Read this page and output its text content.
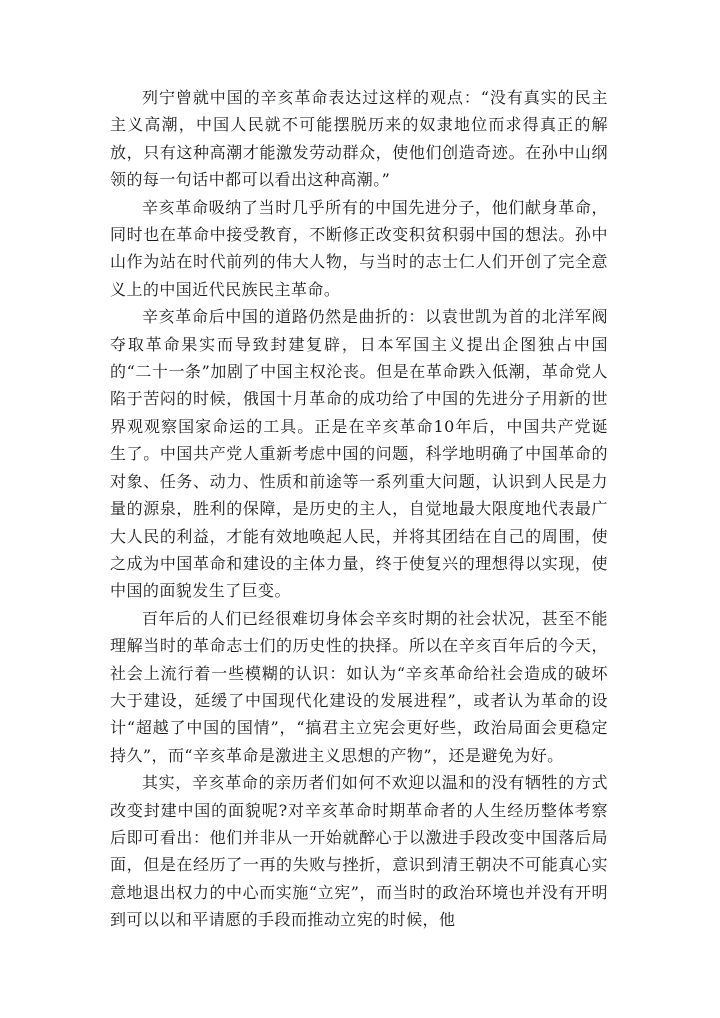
列宁曾就中国的辛亥革命表达过这样的观点：“没有真实的民主主义高潮，中国人民就不可能摆脱历来的奴隶地位而求得真正的解放，只有这种高潮才能激发劳动群众，使他们创造奇迹。在孙中山纲领的每一句话中都可以看出这种高潮。”

辛亥革命吸纳了当时几乎所有的中国先进分子，他们献身革命，同时也在革命中接受教育，不断修正改变积贫积弱中国的想法。孙中山作为站在时代前列的伟大人物，与当时的志士仁人们开创了完全意义上的中国近代民族民主革命。

辛亥革命后中国的道路仍然是曲折的：以袁世凯为首的北洋军阀夺取革命果实而导致封建复辟，日本军国主义提出企图独占中国的“二十一条”加剧了中国主权沦丧。但是在革命跌入低潮，革命党人陷于苦闷的时候，俄国十月革命的成功给了中国的先进分子用新的世界观观察国家命运的工具。正是在辛亥革命10年后，中国共产党诞生了。中国共产党人重新考虑中国的问题，科学地明确了中国革命的对象、任务、动力、性质和前途等一系列重大问题，认识到人民是力量的源泉，胜利的保障，是历史的主人，自觉地最大限度地代表最广大人民的利益，才能有效地唤起人民，并将其团结在自己的周围，使之成为中国革命和建设的主体力量，终于使复兴的理想得以实现，使中国的面貌发生了巨变。

百年后的人们已经很难切身体会辛亥时期的社会状况，甚至不能理解当时的革命志士们的历史性的抉择。所以在辛亥百年后的今天，社会上流行着一些模糊的认识：如认为“辛亥革命给社会造成的破坏大于建设，延缓了中国现代化建设的发展进程”，或者认为革命的设计“超越了中国的国情”，“搞君主立宪会更好些，政治局面会更稳定持久”，而“辛亥革命是激进主义思想的产物”，还是避免为好。

其实，辛亥革命的亲历者们如何不欢迎以温和的没有牺牲的方式改变封建中国的面貌呢?对辛亥革命时期革命者的人生经历整体考察后即可看出：他们并非从一开始就醉心于以激进手段改变中国落后局面，但是在经历了一再的失败与挫折，意识到清王朝决不可能真心实意地退出权力的中心而实施“立宪”，而当时的政治环境也并没有开明到可以以和平请愿的手段而推动立宪的时候，他
